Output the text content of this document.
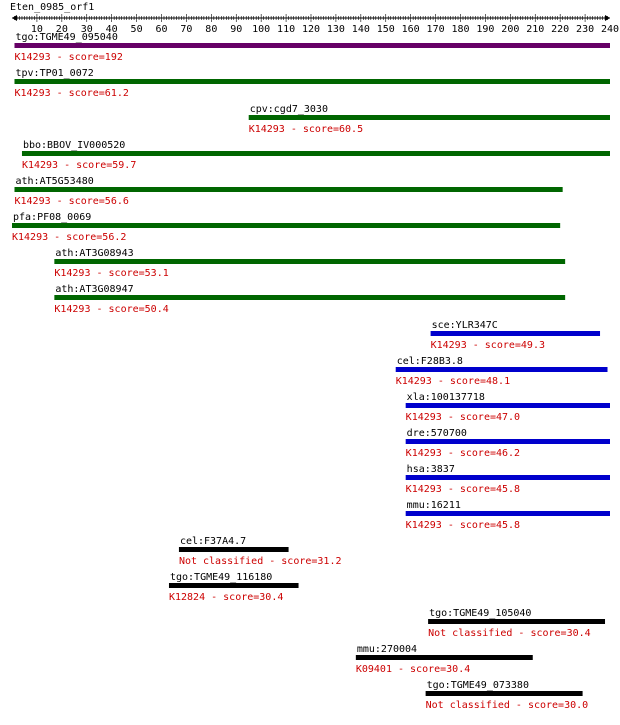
Eten_0985_orf1
10 20 30 40 50 60 70 80 90 100 110 120 130 140 150 160 170 180 190 200 210 220 230 240
tgo:TGME49_095040
K14293 - score=192
tpv:TP01_0072
K14293 - score=61.2
cpv:cgd7_3030
K14293 - score=60.5
bbo:BBOV_IV000520
K14293 - score=59.7
ath:AT5G53480
K14293 - score=56.6
pfa:PF08_0069
K14293 - score=56.2
ath:AT3G08943
K14293 - score=53.1
ath:AT3G08947
K14293 - score=50.4
sce:YLR347C
K14293 - score=49.3
cel:F28B3.8
K14293 - score=48.1
xla:100137718
K14293 - score=47.0
dre:570700
K14293 - score=46.2
hsa:3837
K14293 - score=45.8
mmu:16211
K14293 - score=45.8
cel:F37A4.7
Not classified - score=31.2
tgo:TGME49_116180
K12824 - score=30.4
tgo:TGME49_105040
Not classified - score=30.4
mmu:270004
K09401 - score=30.4
tgo:TGME49_073380
Not classified - score=30.0
